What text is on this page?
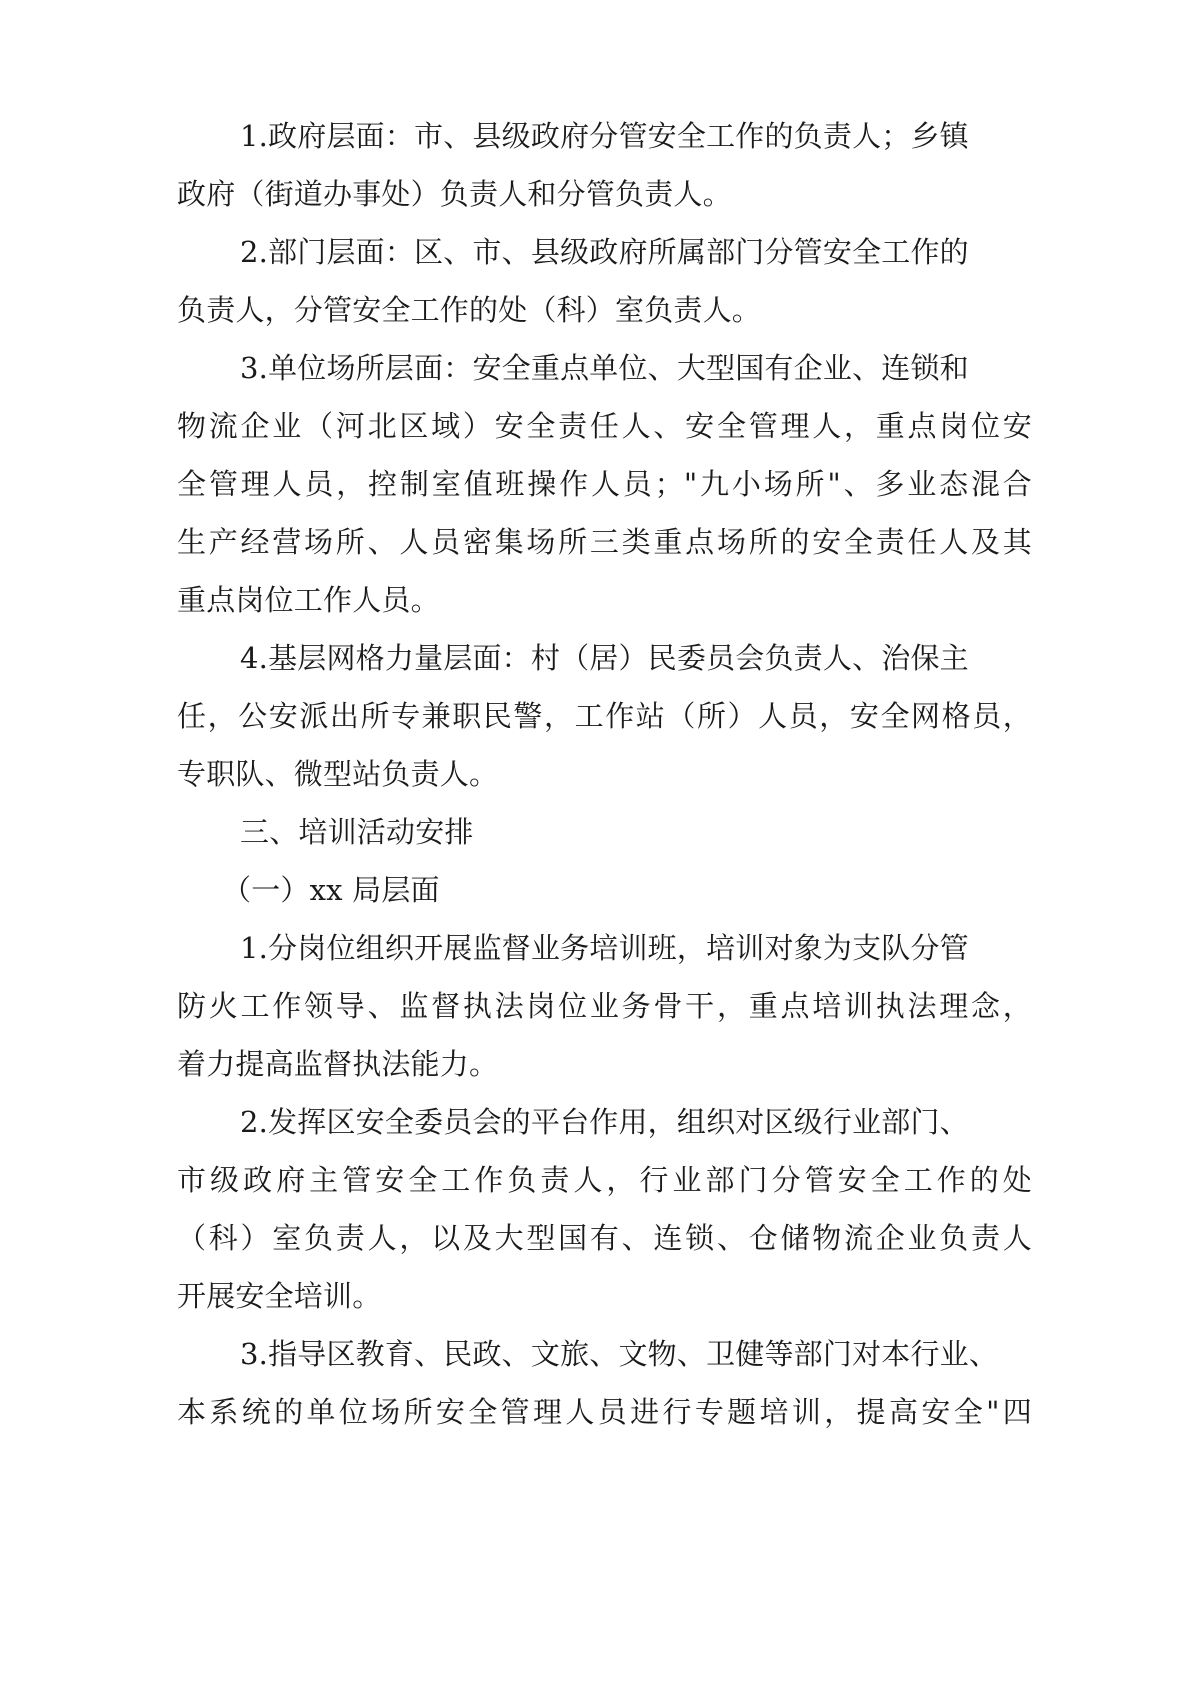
1.政府层面：市、县级政府分管安全工作的负责人；乡镇
政府（街道办事处）负责人和分管负责人。
2.部门层面：区、市、县级政府所属部门分管安全工作的
负责人，分管安全工作的处（科）室负责人。
3.单位场所层面：安全重点单位、大型国有企业、连锁和
物流企业（河北区域）安全责任人、安全管理人，重点岗位安
全管理人员，控制室值班操作人员；"九小场所"、多业态混合
生产经营场所、人员密集场所三类重点场所的安全责任人及其
重点岗位工作人员。
4.基层网格力量层面：村（居）民委员会负责人、治保主
任，公安派出所专兼职民警，工作站（所）人员，安全网格员，
专职队、微型站负责人。
三、培训活动安排
（一）xx 局层面
1.分岗位组织开展监督业务培训班，培训对象为支队分管
防火工作领导、监督执法岗位业务骨干，重点培训执法理念，
着力提高监督执法能力。
2.发挥区安全委员会的平台作用，组织对区级行业部门、
市级政府主管安全工作负责人，行业部门分管安全工作的处
（科）室负责人，以及大型国有、连锁、仓储物流企业负责人
开展安全培训。
3.指导区教育、民政、文旅、文物、卫健等部门对本行业、
本系统的单位场所安全管理人员进行专题培训，提高安全"四
